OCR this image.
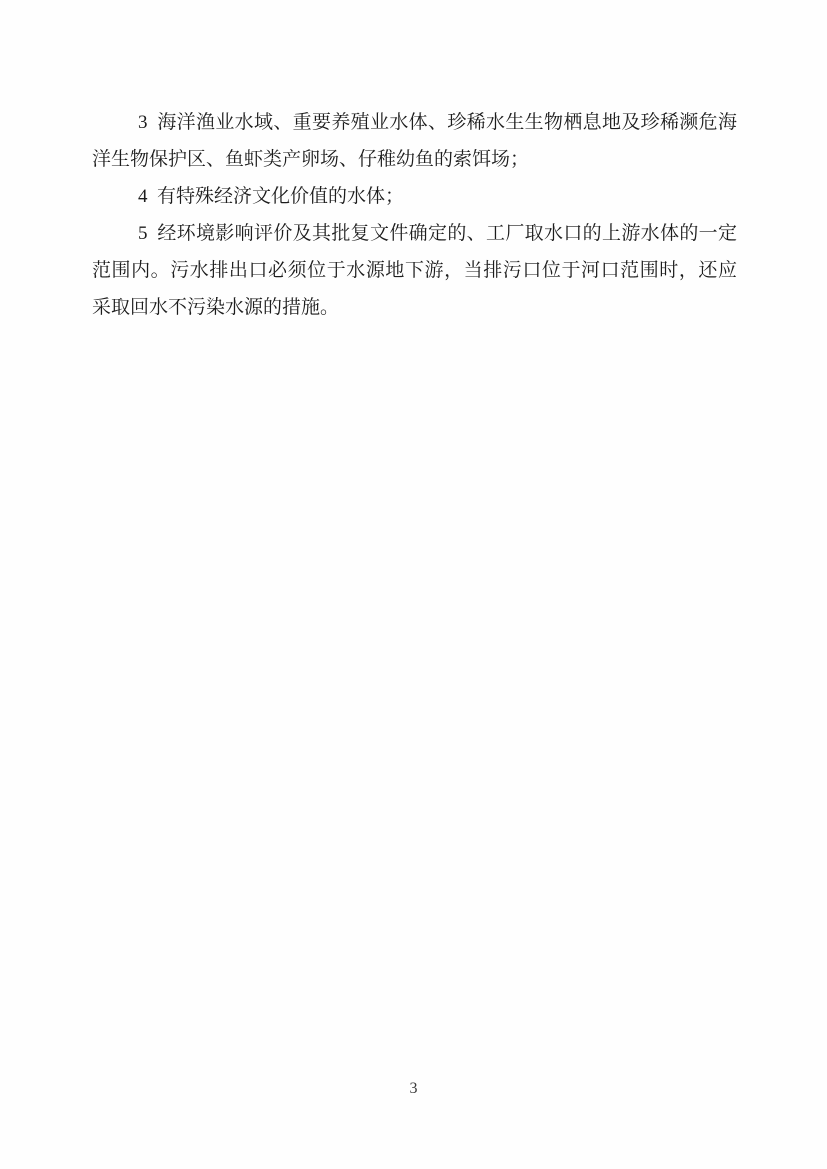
3 海洋渔业水域、重要养殖业水体、珍稀水生生物栖息地及珍稀濒危海
洋生物保护区、鱼虾类产卵场、仔稚幼鱼的索饵场；
4 有特殊经济文化价值的水体；
5 经环境影响评价及其批复文件确定的、工厂取水口的上游水体的一定
范围内。污水排出口必须位于水源地下游，当排污口位于河口范围时，还应
采取回水不污染水源的措施。
3
